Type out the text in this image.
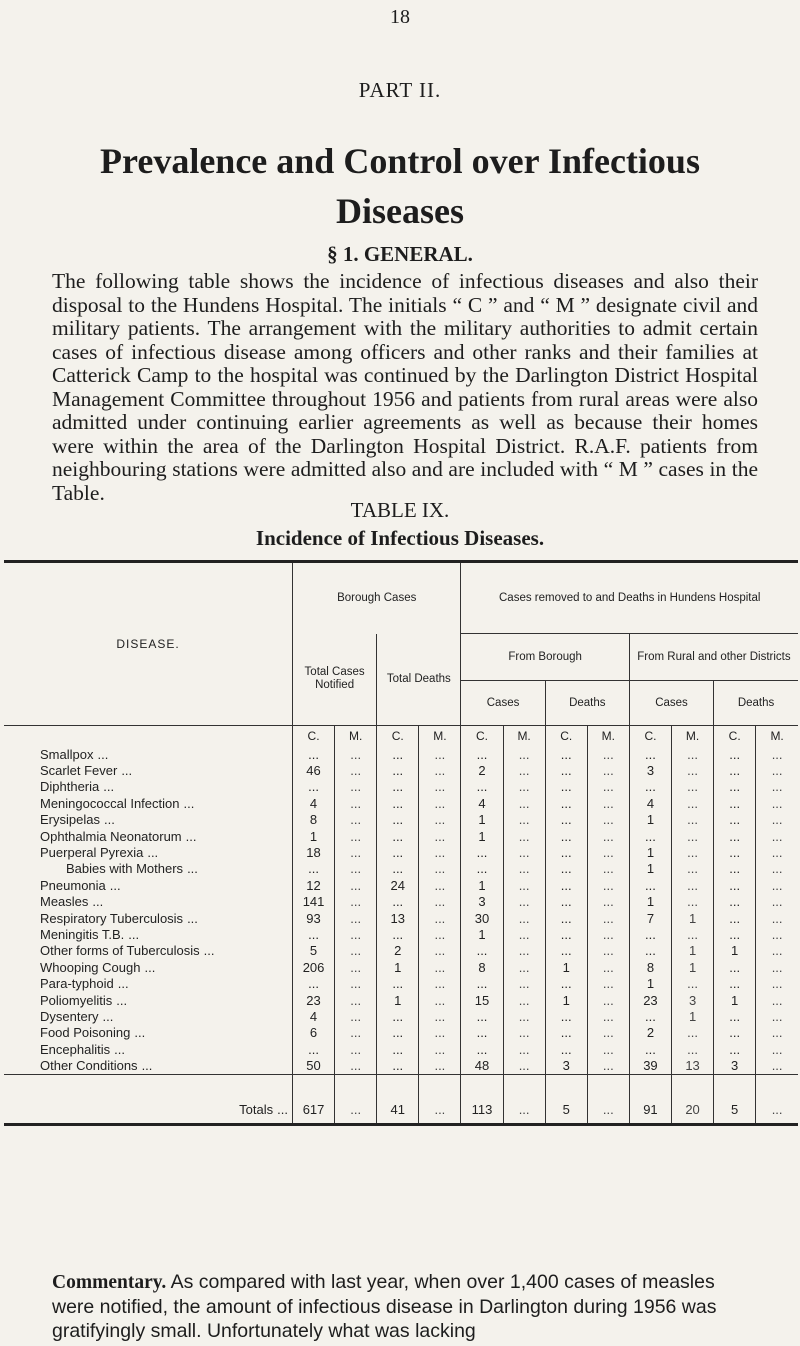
18
PART II.
Prevalence and Control over Infectious
Diseases
§ 1. GENERAL.
The following table shows the incidence of infectious diseases and also their disposal to the Hundens Hospital. The initials “ C ” and “ M ” designate civil and military patients. The arrangement with the military authorities to admit certain cases of infectious disease among officers and other ranks and their families at Catterick Camp to the hospital was continued by the Darlington District Hospital Management Committee throughout 1956 and patients from rural areas were also admitted under continuing earlier agreements as well as because their homes were within the area of the Darlington Hospital District. R.A.F. patients from neighbouring stations were admitted also and are included with “ M ” cases in the Table.
TABLE IX.
Incidence of Infectious Diseases.
DISEASE.	Borough Cases				Cases removed to and Deaths in Hundens Hospital							
	Total Cases Notified		Total Deaths		From Borough				From Rural and other Districts			
					Cases		Deaths		Cases		Deaths	
	C.	M.	C.	M.	C.	M.	C.	M.	C.	M.	C.	M.
Smallpox ...	...	...	...	...	...	...	...	...	...	...	...	...
Scarlet Fever ...	46	...	...	...	2	...	...	...	3	...	...	...
Diphtheria ...	...	...	...	...	...	...	...	...	...	...	...	...
Meningococcal Infection ...	4	...	...	...	4	...	...	...	4	...	...	...
Erysipelas ...	8	...	...	...	1	...	...	...	1	...	...	...
Ophthalmia Neonatorum ...	1	...	...	...	1	...	...	...	...	...	...	...
Puerperal Pyrexia ...	18	...	...	...	...	...	...	...	1	...	...	...
Babies with Mothers ...	...	...	...	...	...	...	...	...	1	...	...	...
Pneumonia ...	12	...	24	...	1	...	...	...	...	...	...	...
Measles ...	141	...	...	...	3	...	...	...	1	...	...	...
Respiratory Tuberculosis ...	93	...	13	...	30	...	...	...	7	1	...	...
Meningitis T.B. ...	...	...	...	...	1	...	...	...	...	...	...	...
Other forms of Tuberculosis ...	5	...	2	...	...	...	...	...	...	1	1	...
Whooping Cough ...	206	...	1	...	8	...	1	...	8	1	...	...
Para-typhoid ...	...	...	...	...	...	...	...	...	1	...	...	...
Poliomyelitis ...	23	...	1	...	15	...	1	...	23	3	1	...
Dysentery ...	4	...	...	...	...	...	...	...	...	1	...	...
Food Poisoning ...	6	...	...	...	...	...	...	...	2	...	...	...
Encephalitis ...	...	...	...	...	...	...	...	...	...	...	...	...
Other Conditions ...	50	...	...	...	48	...	3	...	39	13	3	...
Totals ...	617	...	41	...	113	...	5	...	91	20	5	...
Commentary. As compared with last year, when over 1,400 cases of measles were notified, the amount of infectious disease in Darlington during 1956 was gratifyingly small. Unfortunately what was lacking
